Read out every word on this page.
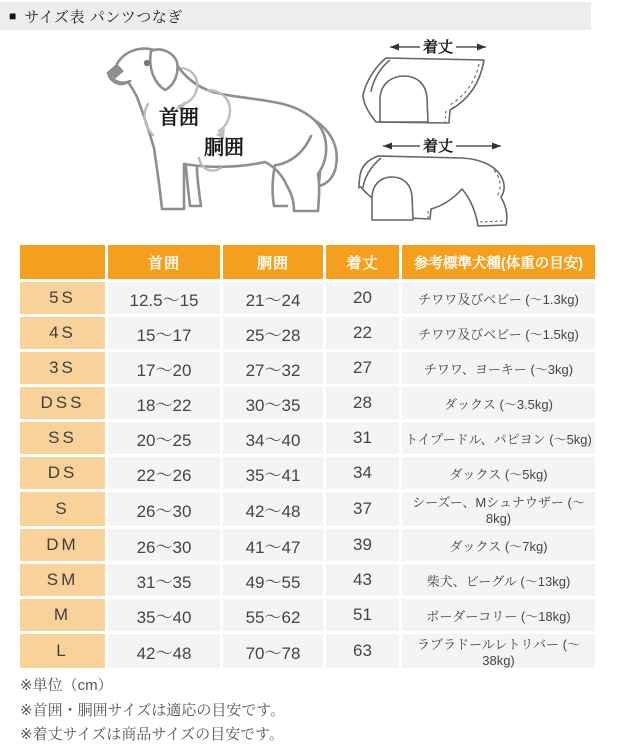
■ サイズ表 パンツつなぎ
首囲
胴囲
着丈
着丈
	首囲	胴囲	着丈	参考標準犬種(体重の目安)
5S	12.5～15	21～24	20	チワワ及びベビー (～1.3kg)
4S	15～17	25～28	22	チワワ及びベビー (～1.5kg)
3S	17～20	27～32	27	チワワ、ヨーキー (～3kg)
DSS	18～22	30～35	28	ダックス (～3.5kg)
SS	20～25	34～40	31	トイプードル、パピヨン (～5kg)
DS	22～26	35～41	34	ダックス (～5kg)
S	26～30	42～48	37	シーズー、Mシュナウザー (～8kg)
DM	26～30	41～47	39	ダックス (～7kg)
SM	31～35	49～55	43	柴犬、ビーグル (～13kg)
M	35～40	55～62	51	ボーダーコリー (～18kg)
L	42～48	70～78	63	ラブラドールレトリバー (～38kg)
※単位（cm）
※首囲・胴囲サイズは適応の目安です。
※着丈サイズは商品サイズの目安です。
